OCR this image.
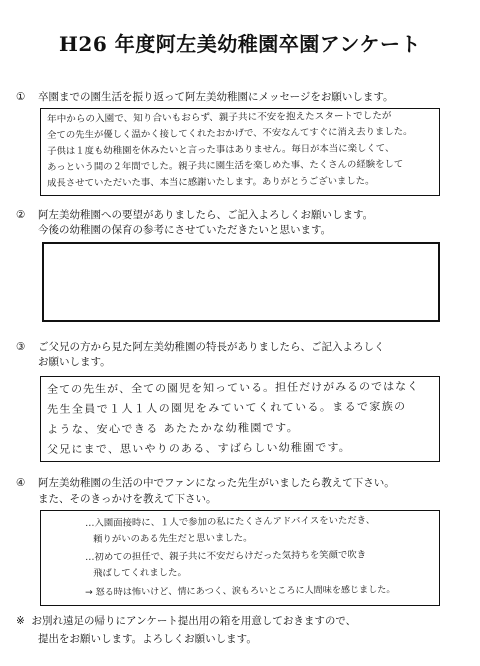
H26 年度阿左美幼稚園卒園アンケート
① 卒園までの園生活を振り返って阿左美幼稚園にメッセージをお願いします。
年中からの入園で、知り合いもおらず、親子共に不安を抱えたスタートでしたが
全ての先生が優しく温かく接してくれたおかげで、不安なんてすぐに消え去りました。
子供は１度も幼稚園を休みたいと言った事はありません。毎日が本当に楽しくて、
あっという間の２年間でした。親子共に園生活を楽しめた事、たくさんの経験をして
成長させていただいた事、本当に感謝いたします。ありがとうございました。
② 阿左美幼稚園への要望がありましたら、ご記入よろしくお願いします。
今後の幼稚園の保育の参考にさせていただきたいと思います。
③ ご父兄の方から見た阿左美幼稚園の特長がありましたら、ご記入よろしく
お願いします。
全ての先生が、全ての園児を知っている。担任だけがみるのではなく
先生全員で１人１人の園児をみていてくれている。まるで家族の
ような、安心できる あたたかな幼稚園です。
父兄にまで、思いやりのある、すばらしい幼稚園です。
④ 阿左美幼稚園の生活の中でファンになった先生がいましたら教えて下さい。
また、そのきっかけを教えて下さい。
…入園面接時に、１人で参加の私にたくさんアドバイスをいただき、
頼りがいのある先生だと思いました。
…初めての担任で、親子共に不安だらけだった気持ちを笑顔で吹き
飛ばしてくれました。
→ 怒る時は怖いけど、情にあつく、涙もろいところに人間味を感じました。
※ お別れ遠足の帰りにアンケート提出用の箱を用意しておきますので、
提出をお願いします。よろしくお願いします。
